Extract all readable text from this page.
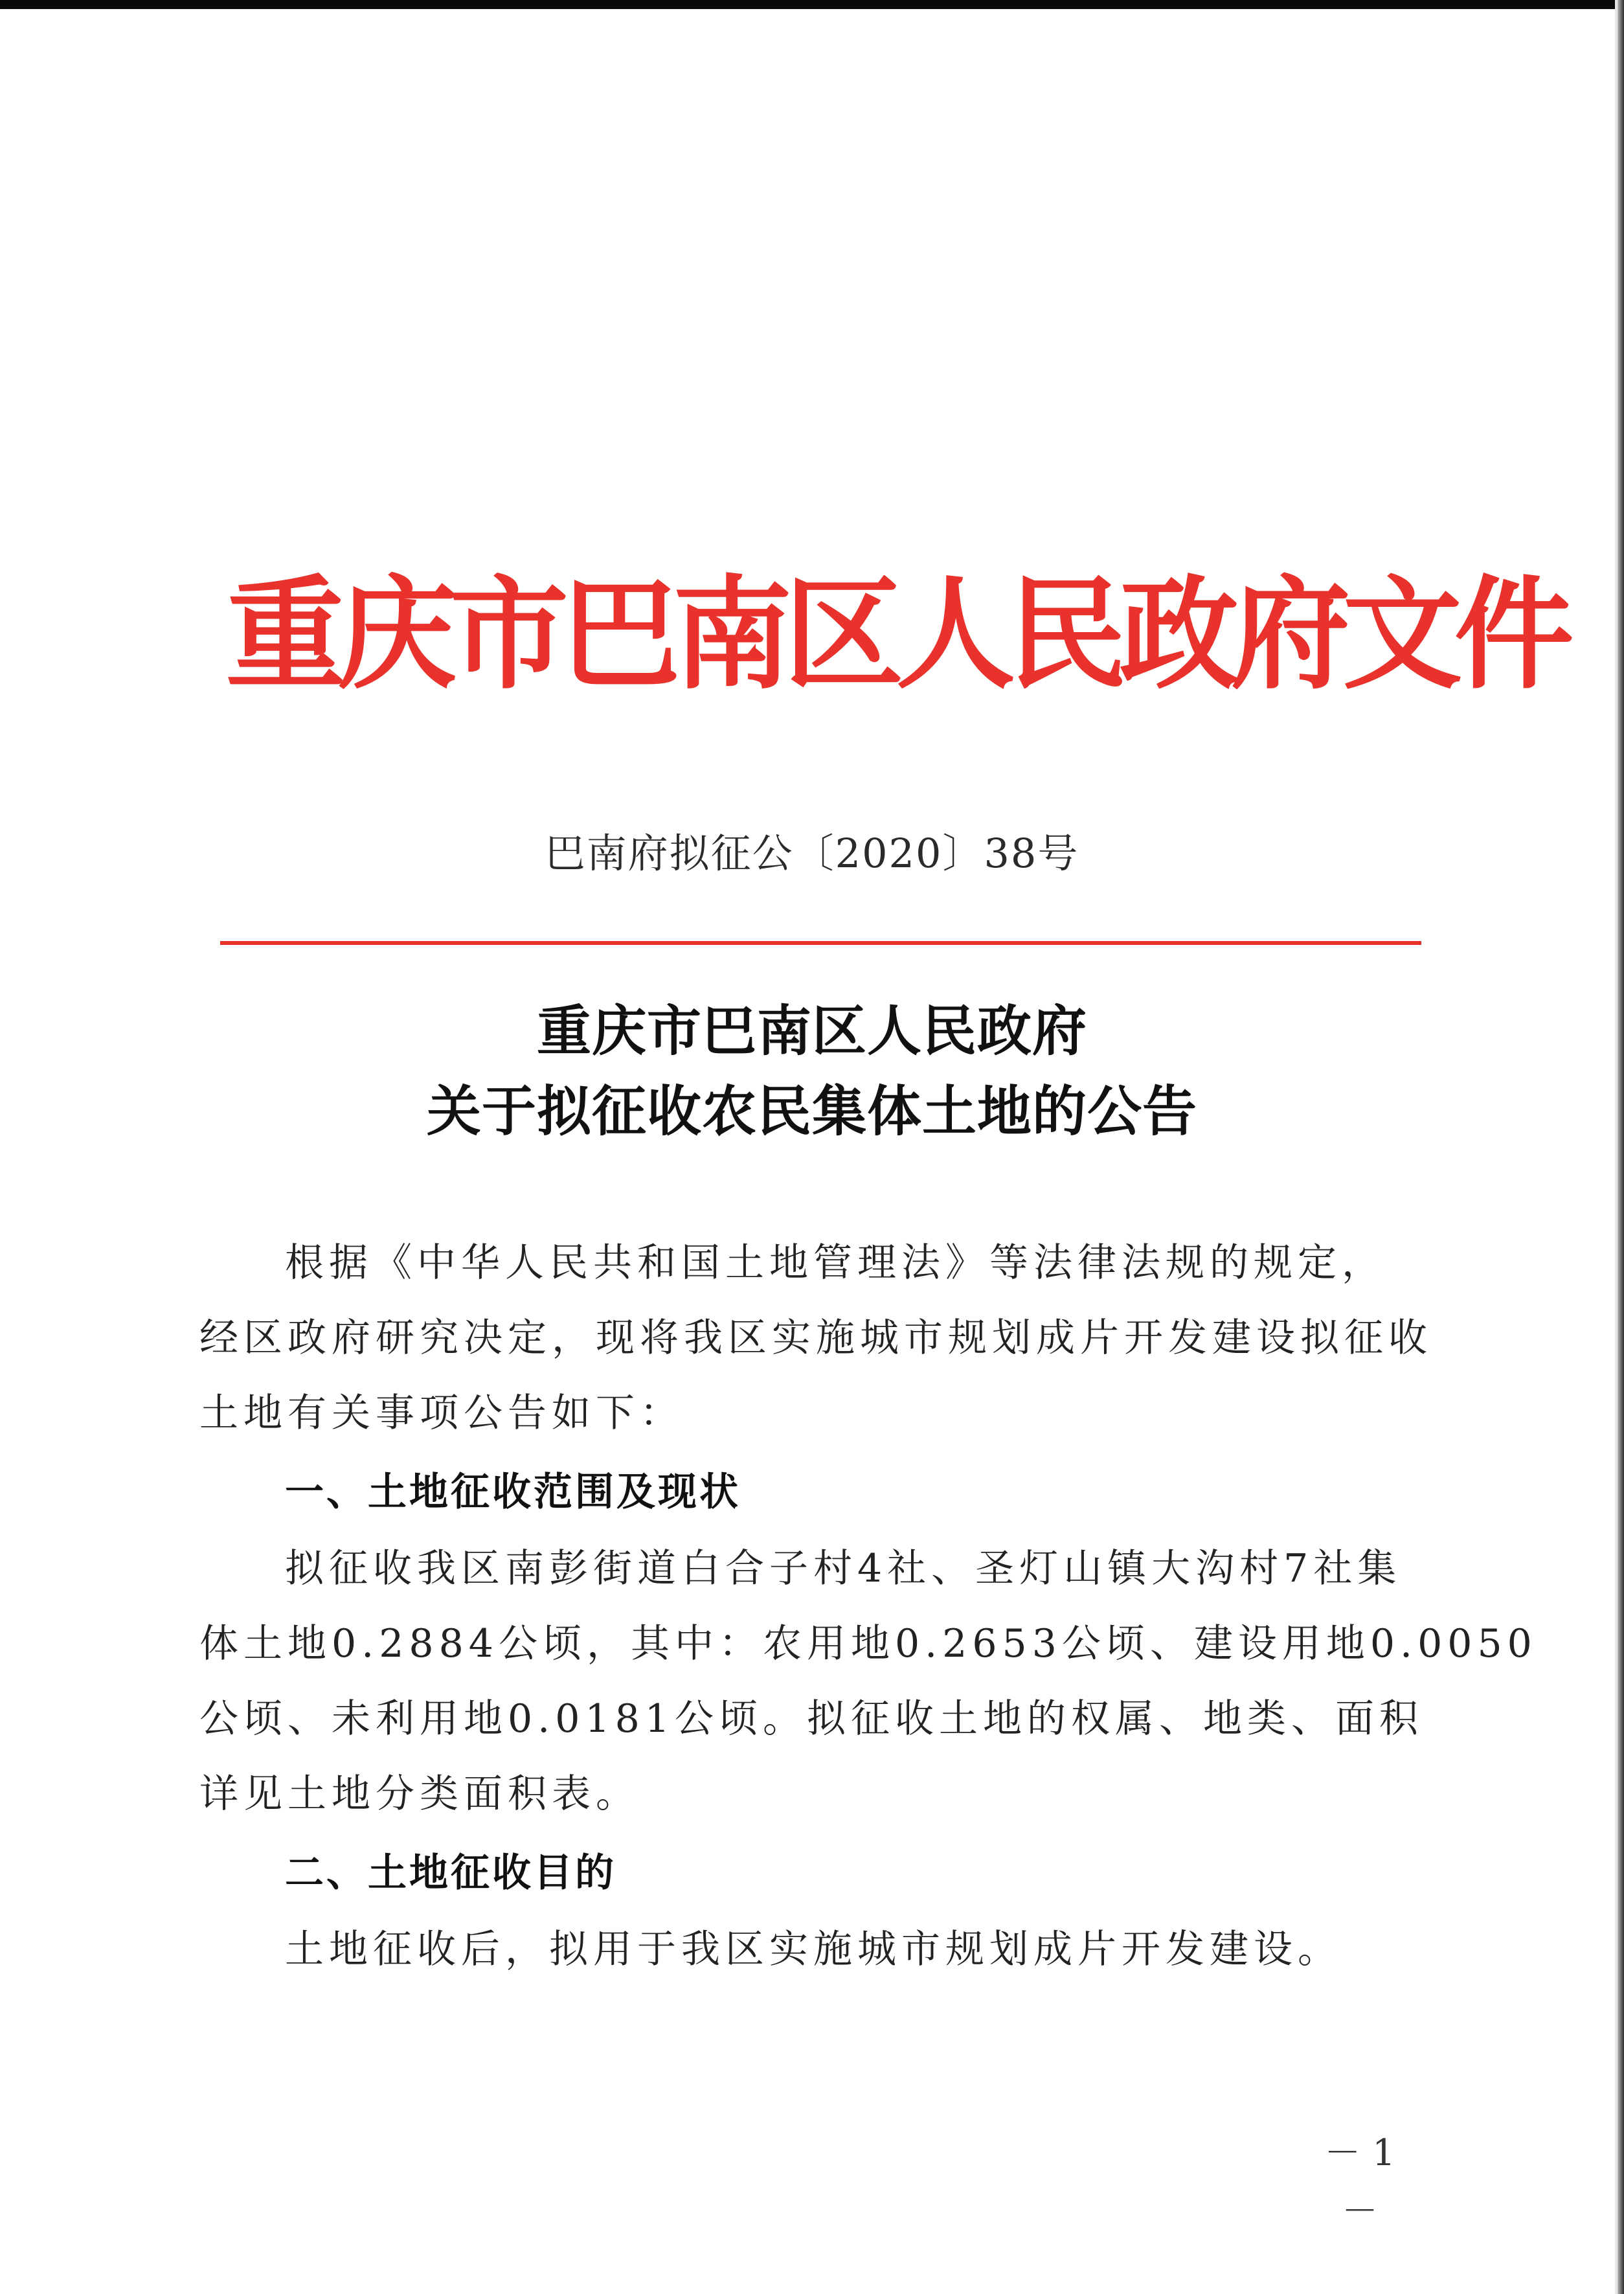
重庆市巴南区人民政府文件
巴南府拟征公〔2020〕38号
重庆市巴南区人民政府
关于拟征收农民集体土地的公告
根据《中华人民共和国土地管理法》等法律法规的规定，
经区政府研究决定，现将我区实施城市规划成片开发建设拟征收
土地有关事项公告如下：
一、土地征收范围及现状
拟征收我区南彭街道白合子村4社、圣灯山镇大沟村7社集
体土地0.2884公顷，其中：农用地0.2653公顷、建设用地0.0050
公顷、未利用地0.0181公顷。拟征收土地的权属、地类、面积
详见土地分类面积表。
二、土地征收目的
土地征收后，拟用于我区实施城市规划成片开发建设。
－ 1 －
